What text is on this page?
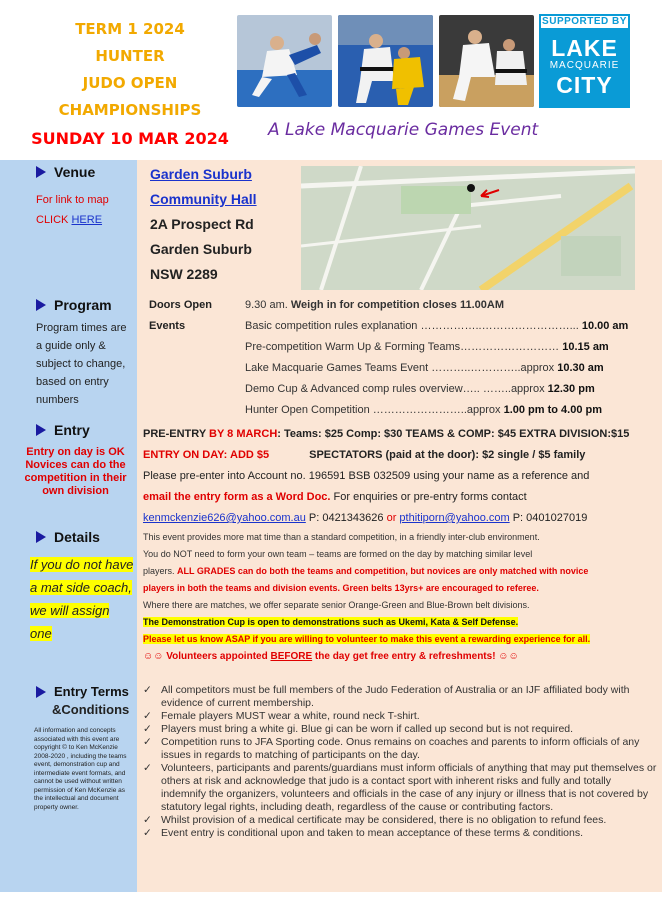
TERM 1 2024
HUNTER
JUDO OPEN
CHAMPIONSHIPS
SUNDAY 10 MAR 2024
SUPPORTED BY
LAKE
MACQUARIE
CITY
A Lake Macquarie Games Event
Venue
For link to map
CLICK HERE
Garden Suburb
Community Hall
2A Prospect Rd
Garden Suburb
NSW 2289
Program
Program times are a guide only & subject to change, based on entry numbers
Doors Open	9.30 am. Weigh in for competition closes 11.00AM
Events	Basic competition rules explanation ……………..……………………... 10.00 am
Pre-competition Warm Up & Forming Teams……………………… 10.15 am
Lake Macquarie Games Teams Event ………..…………..approx 10.30 am
Demo Cup & Advanced comp rules overview….. ……..approx 12.30 pm
Hunter Open Competition ……………………..approx 1.00 pm to 4.00 pm
Entry
Entry on day is OK Novices can do the competition in their own division
PRE-ENTRY BY 8 MARCH: Teams: $25 Comp: $30 TEAMS & COMP: $45 EXTRA DIVISION:$15
ENTRY ON DAY: ADD $5	SPECTATORS (paid at the door): $2 single / $5 family
Please pre-enter into Account no. 196591 BSB 032509 using your name as a reference and
email the entry form as a Word Doc. For enquiries or pre-entry forms contact
kenmckenzie626@yahoo.com.au P: 0421343626 or pthitiporn@yahoo.com P: 0401027019
Details
If you do not have a mat side coach, we will assign one
This event provides more mat time than a standard competition, in a friendly inter-club environment.
You do NOT need to form your own team – teams are formed on the day by matching similar level
players. ALL GRADES can do both the teams and competition, but novices are only matched with novice
players in both the teams and division events. Green belts 13yrs+ are encouraged to referee.
Where there are matches, we offer separate senior Orange-Green and Blue-Brown belt divisions.
The Demonstration Cup is open to demonstrations such as Ukemi, Kata & Self Defense.
Please let us know ASAP if you are willing to volunteer to make this event a rewarding experience for all.
☺☺ Volunteers appointed BEFORE the day get free entry & refreshments! ☺☺
Entry Terms
&Conditions
All information and concepts associated with this event are copyright © to Ken McKenzie 2008-2020 , including the teams event, demonstration cup and intermediate event formats, and cannot be used without written permission of Ken McKenzie as the intellectual and document property owner.
✓ All competitors must be full members of the Judo Federation of Australia or an IJF affiliated body with evidence of current membership.
✓ Female players MUST wear a white, round neck T-shirt.
✓ Players must bring a white gi. Blue gi can be worn if called up second but is not required.
✓ Competition runs to JFA Sporting code. Onus remains on coaches and parents to inform officials of any issues in regards to matching of participants on the day.
✓ Volunteers, participants and parents/guardians must inform officials of anything that may put themselves or others at risk and acknowledge that judo is a contact sport with inherent risks and fully and totally indemnify the organizers, volunteers and officials in the case of any injury or illness that is not covered by statutory legal rights, including death, regardless of the cause or contributing factors.
✓ Whilst provision of a medical certificate may be considered, there is no obligation to refund fees.
✓ Event entry is conditional upon and taken to mean acceptance of these terms & conditions.
